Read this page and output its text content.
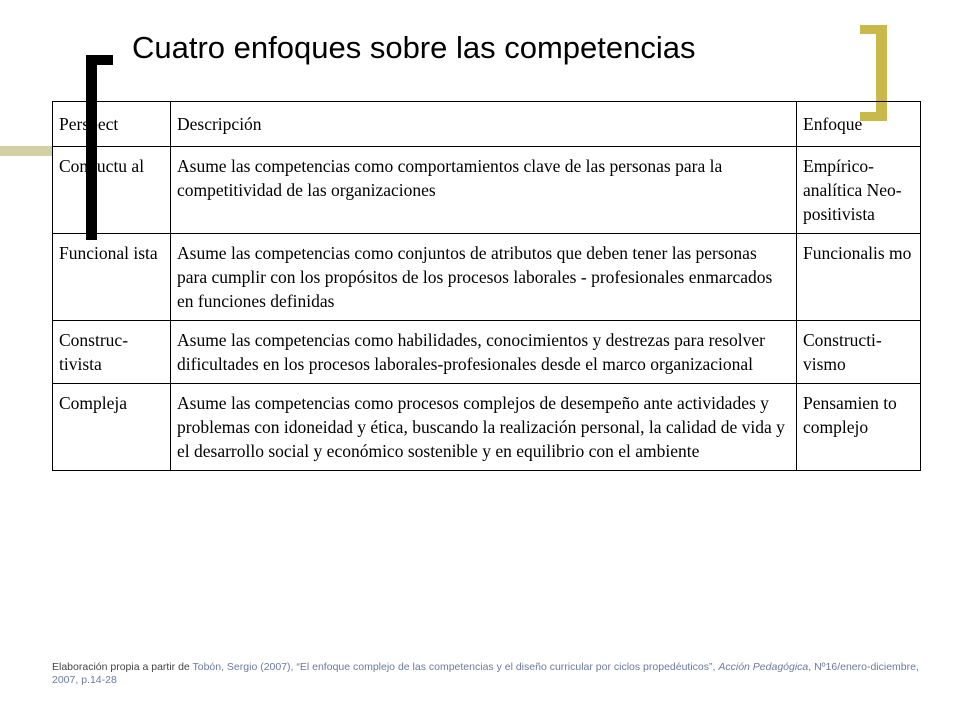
Cuatro enfoques sobre las competencias
Perspect	Descripción	Enfoque
Conductu al	Asume las competencias como comportamientos clave de las personas para la competitividad de las organizaciones	Empírico-analítica Neo-positivista
Funcional ista	Asume las competencias como conjuntos de atributos que deben tener las personas para cumplir con los propósitos de los procesos laborales - profesionales enmarcados en funciones definidas	Funcionalis mo
Construc-tivista	Asume las competencias como habilidades, conocimientos y destrezas para resolver dificultades en los procesos laborales-profesionales desde el marco organizacional	Constructi-vismo
Compleja	Asume las competencias como procesos complejos de desempeño ante actividades y problemas con idoneidad y ética, buscando la realización personal, la calidad de vida y el desarrollo social y económico sostenible y en equilibrio con el ambiente	Pensamien to complejo
Elaboración propia a partir de Tobón, Sergio (2007), “El enfoque complejo de las competencias y el diseño curricular por ciclos propedéuticos”, Acción Pedagógica, Nº16/enero-diciembre, 2007, p.14-28
